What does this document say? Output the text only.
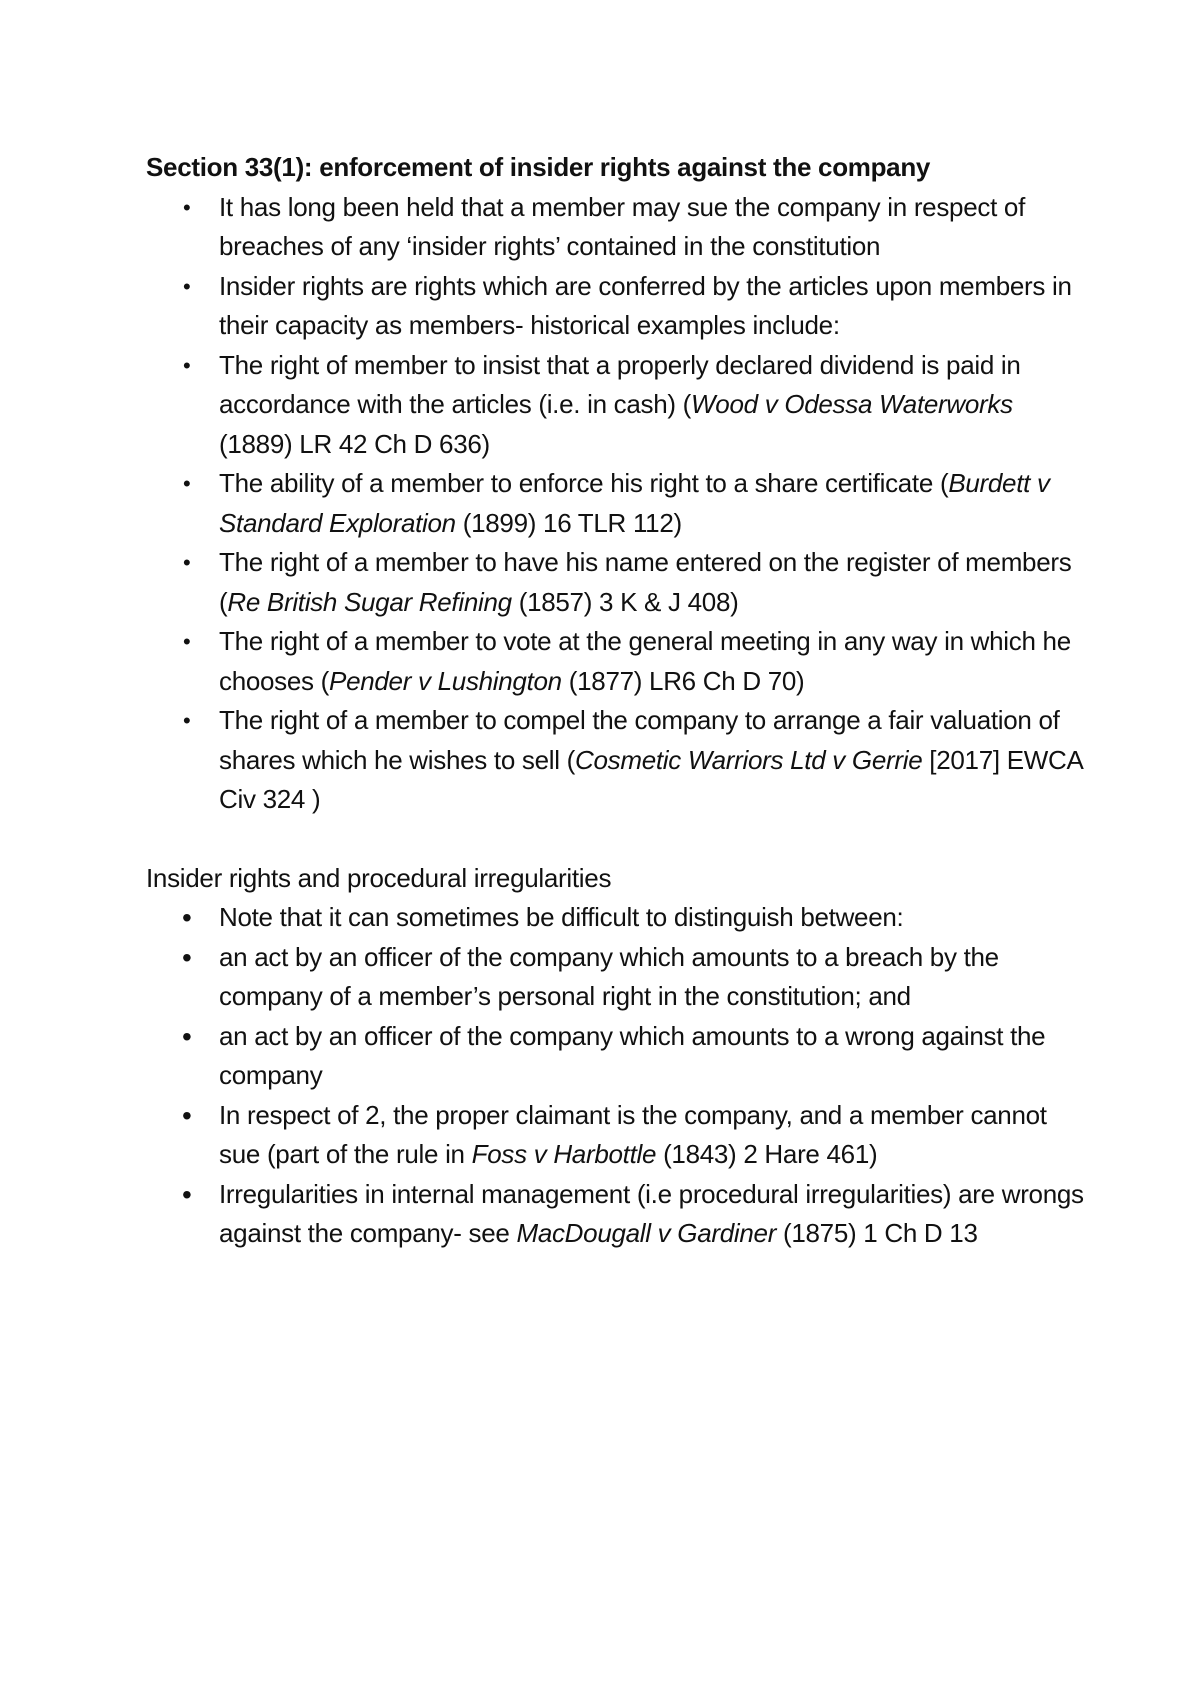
Section 33(1): enforcement of insider rights against the company

• It has long been held that a member may sue the company in respect of breaches of any ‘insider rights’ contained in the constitution
• Insider rights are rights which are conferred by the articles upon members in their capacity as members- historical examples include:
• The right of member to insist that a properly declared dividend is paid in accordance with the articles (i.e. in cash) (Wood v Odessa Waterworks (1889) LR 42 Ch D 636)
• The ability of a member to enforce his right to a share certificate (Burdett v Standard Exploration (1899) 16 TLR 112)
• The right of a member to have his name entered on the register of members (Re British Sugar Refining (1857) 3 K & J 408)
• The right of a member to vote at the general meeting in any way in which he chooses (Pender v Lushington (1877) LR6 Ch D 70)
• The right of a member to compel the company to arrange a fair valuation of shares which he wishes to sell (Cosmetic Warriors Ltd v Gerrie [2017] EWCA Civ 324 )

Insider rights and procedural irregularities

• Note that it can sometimes be difficult to distinguish between:
• an act by an officer of the company which amounts to a breach by the company of a member’s personal right in the constitution; and
• an act by an officer of the company which amounts to a wrong against the company
• In respect of 2, the proper claimant is the company, and a member cannot sue (part of the rule in Foss v Harbottle (1843) 2 Hare 461)
• Irregularities in internal management (i.e procedural irregularities) are wrongs against the company- see MacDougall v Gardiner (1875) 1 Ch D 13
